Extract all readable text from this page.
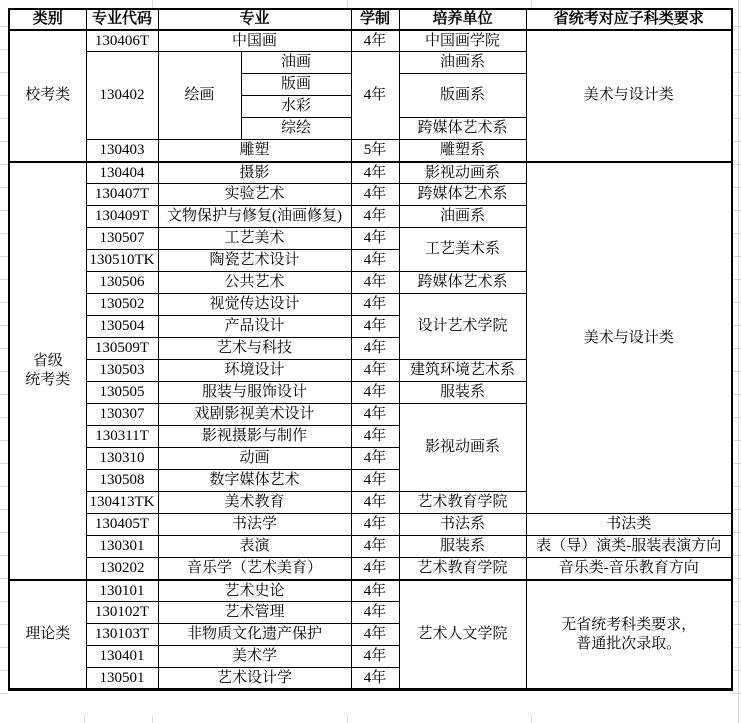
类别	专业代码	专业		学制	培养单位	省统考对应子科类要求
校考类	130406T	中国画		4年	中国画学院	美术与设计类
	130402	绘画	油画	4年	油画系	
			版画		版画系	
			水彩			
			综绘		跨媒体艺术系	
	130403	雕塑		5年	雕塑系	
省级
统考类	130404	摄影		4年	影视动画系	美术与设计类
	130407T	实验艺术		4年	跨媒体艺术系	
	130409T	文物保护与修复(油画修复)		4年	油画系	
	130507	工艺美术		4年	工艺美术系	
	130510TK	陶瓷艺术设计		4年		
	130506	公共艺术		4年	跨媒体艺术系	
	130502	视觉传达设计		4年	设计艺术学院	
	130504	产品设计		4年		
	130509T	艺术与科技		4年		
	130503	环境设计		4年	建筑环境艺术系	
	130505	服装与服饰设计		4年	服装系	
	130307	戏剧影视美术设计		4年	影视动画系	
	130311T	影视摄影与制作		4年		
	130310	动画		4年		
	130508	数字媒体艺术		4年		
	130413TK	美术教育		4年	艺术教育学院	
	130405T	书法学		4年	书法系	书法类
	130301	表演		4年	服装系	表（导）演类-服装表演方向
	130202	音乐学（艺术美育）		4年	艺术教育学院	音乐类-音乐教育方向
理论类	130101	艺术史论		4年	艺术人文学院	无省统考科类要求，
普通批次录取。
	130102T	艺术管理		4年		
	130103T	非物质文化遗产保护		4年		
	130401	美术学		4年		
	130501	艺术设计学		4年		
